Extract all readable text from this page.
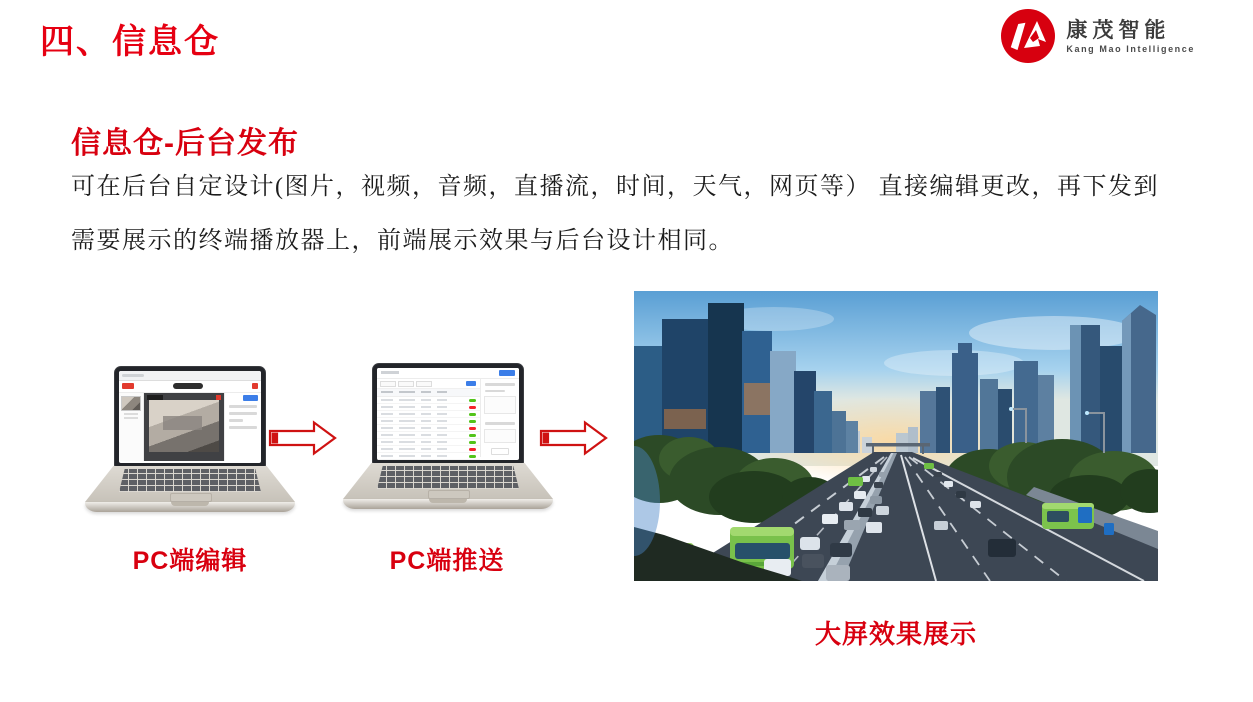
四、信息仓	康茂智能
Kang Mao Intelligence
信息仓-后台发布

可在后台自定设计(图片，视频，音频，直播流，时间，天气，网页等） 直接编辑更改，再下发到
需要展示的终端播放器上，前端展示效果与后台设计相同。

PC端编辑	PC端推送
大屏效果展示
